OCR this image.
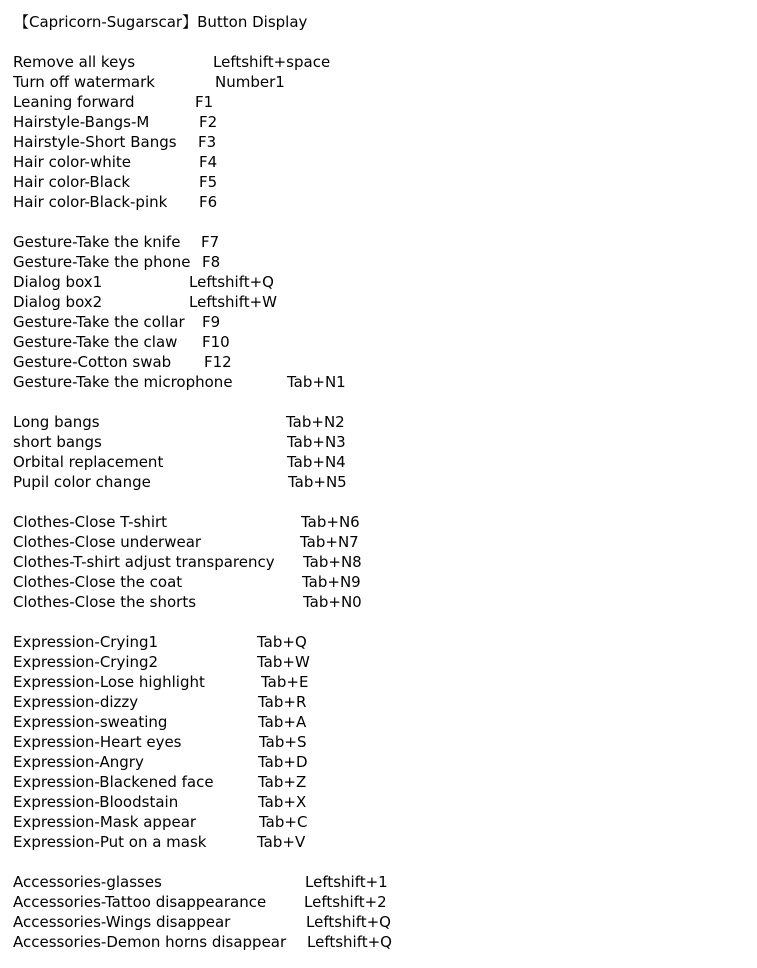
【Capricorn-Sugarscar】Button Display
Remove all keys	Leftshift+space
Turn off watermark	Number1
Leaning forward	F1
Hairstyle-Bangs-M	F2
Hairstyle-Short Bangs F3
Hair color-white	F4
Hair color-Black	F5
Hair color-Black-pink F6
Gesture-Take the knife F7
Gesture-Take the phone F8
Dialog box1	Leftshift+Q
Dialog box2	Leftshift+W
Gesture-Take the collar F9
Gesture-Take the claw F10
Gesture-Cotton swab F12
Gesture-Take the microphone	Tab+N1
Long bangs	Tab+N2
short bangs	Tab+N3
Orbital replacement	Tab+N4
Pupil color change	Tab+N5
Clothes-Close T-shirt	Tab+N6
Clothes-Close underwear	Tab+N7
Clothes-T-shirt adjust transparency Tab+N8
Clothes-Close the coat	Tab+N9
Clothes-Close the shorts	Tab+N0
Expression-Crying1	Tab+Q
Expression-Crying2	Tab+W
Expression-Lose highlight	Tab+E
Expression-dizzy	Tab+R
Expression-sweating	Tab+A
Expression-Heart eyes	Tab+S
Expression-Angry	Tab+D
Expression-Blackened face	Tab+Z
Expression-Bloodstain	Tab+X
Expression-Mask appear	Tab+C
Expression-Put on a mask	Tab+V
Accessories-glasses	Leftshift+1
Accessories-Tattoo disappearance	Leftshift+2
Accessories-Wings disappear	Leftshift+Q
Accessories-Demon horns disappear Leftshift+Q
